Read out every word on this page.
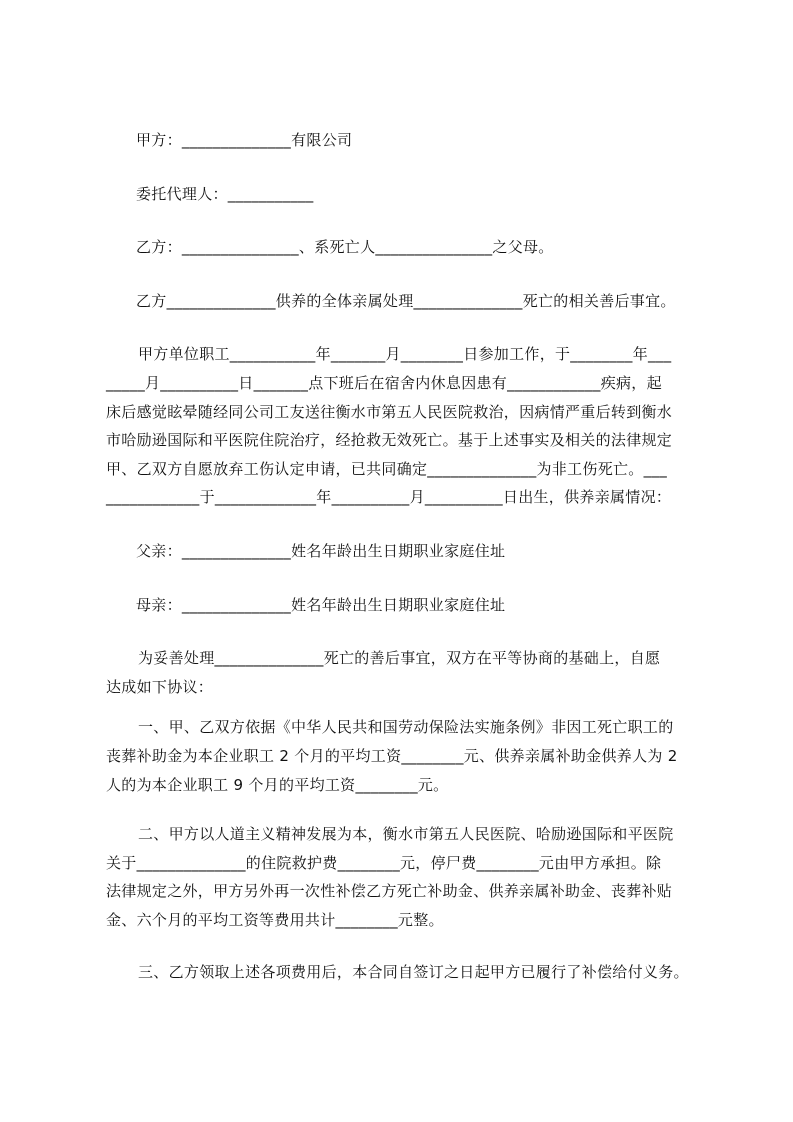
甲方：______________有限公司
委托代理人：___________
乙方：_______________、系死亡人_______________之父母。
乙方______________供养的全体亲属处理______________死亡的相关善后事宜。
甲方单位职工___________年_______月________日参加工作，于________年___
_____月__________日_______点下班后在宿舍内休息因患有____________疾病，起
床后感觉眩晕随经同公司工友送往衡水市第五人民医院救治，因病情严重后转到衡水
市哈励逊国际和平医院住院治疗，经抢救无效死亡。基于上述事实及相关的法律规定
甲、乙双方自愿放弃工伤认定申请，已共同确定______________为非工伤死亡。___
____________于_____________年__________月__________日出生，供养亲属情况：
父亲：______________姓名年龄出生日期职业家庭住址
母亲：______________姓名年龄出生日期职业家庭住址
为妥善处理______________死亡的善后事宜，双方在平等协商的基础上，自愿
达成如下协议：
一、甲、乙双方依据《中华人民共和国劳动保险法实施条例》非因工死亡职工的
丧葬补助金为本企业职工 2 个月的平均工资________元、供养亲属补助金供养人为 2
人的为本企业职工 9 个月的平均工资________元。
二、甲方以人道主义精神发展为本，衡水市第五人民医院、哈励逊国际和平医院
关于______________的住院救护费________元，停尸费________元由甲方承担。除
法律规定之外，甲方另外再一次性补偿乙方死亡补助金、供养亲属补助金、丧葬补贴
金、六个月的平均工资等费用共计________元整。
三、乙方领取上述各项费用后，本合同自签订之日起甲方已履行了补偿给付义务。
